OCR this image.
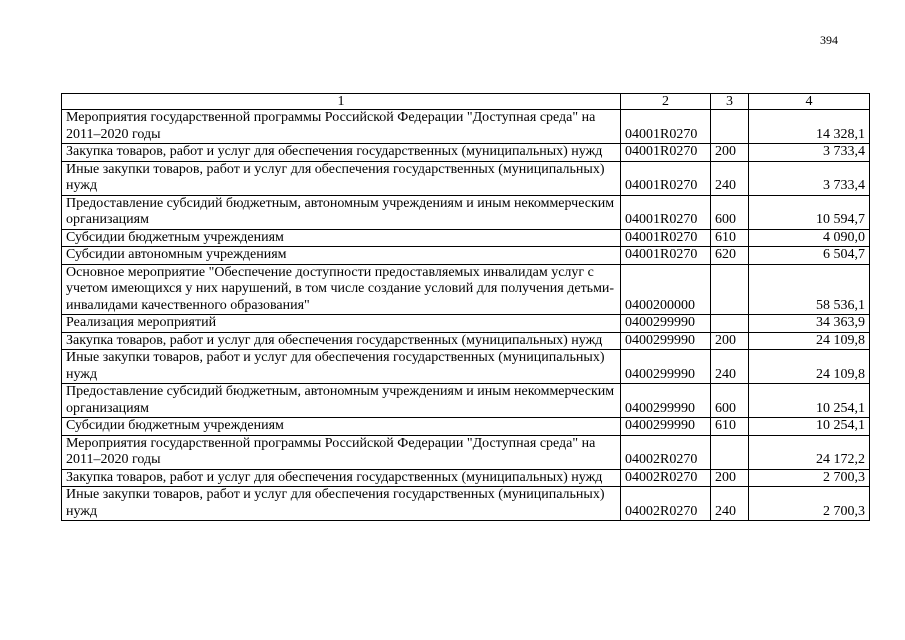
394
1	2	3	4
Мероприятия государственной программы Российской Федерации "Доступная среда" на 2011–2020 годы	04001R0270		14 328,1
Закупка товаров, работ и услуг для обеспечения государственных (муниципальных) нужд	04001R0270	200	3 733,4
Иные закупки товаров, работ и услуг для обеспечения государственных (муниципальных) нужд	04001R0270	240	3 733,4
Предоставление субсидий бюджетным, автономным учреждениям и иным некоммерческим организациям	04001R0270	600	10 594,7
Субсидии бюджетным учреждениям	04001R0270	610	4 090,0
Субсидии автономным учреждениям	04001R0270	620	6 504,7
Основное мероприятие "Обеспечение доступности предоставляемых инвалидам услуг с учетом имеющихся у них нарушений, в том числе создание условий для получения детьми-инвалидами качественного образования"	0400200000		58 536,1
Реализация мероприятий	0400299990		34 363,9
Закупка товаров, работ и услуг для обеспечения государственных (муниципальных) нужд	0400299990	200	24 109,8
Иные закупки товаров, работ и услуг для обеспечения государственных (муниципальных) нужд	0400299990	240	24 109,8
Предоставление субсидий бюджетным, автономным учреждениям и иным некоммерческим организациям	0400299990	600	10 254,1
Субсидии бюджетным учреждениям	0400299990	610	10 254,1
Мероприятия государственной программы Российской Федерации "Доступная среда" на 2011–2020 годы	04002R0270		24 172,2
Закупка товаров, работ и услуг для обеспечения государственных (муниципальных) нужд	04002R0270	200	2 700,3
Иные закупки товаров, работ и услуг для обеспечения государственных (муниципальных) нужд	04002R0270	240	2 700,3
